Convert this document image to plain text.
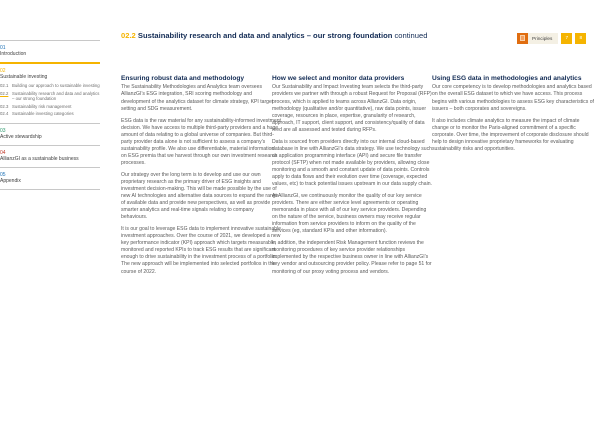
01
Introduction
02
Sustainable investing
02.1 Building our approach to sustainable investing
02.2 Sustainability research and data and analytics – our strong foundation
02.3 Sustainability risk management
02.4 Sustainable investing categories
03
Active stewardship
04
AllianzGI as a sustainable business
05
Appendix
02.2 Sustainability research and data and analytics – our strong foundation continued	Principles	7	8
Ensuring robust data and methodology

The Sustainability Methodologies and Analytics team oversees AllianzGI’s ESG integration, SRI scoring methodology and development of the analytics dataset for climate strategy, KPI target setting and SDG measurement.

ESG data is the raw material for any sustainability-informed investment decision. We have access to multiple third-party providers and a huge amount of data relating to a global universe of companies. But third-party provider data alone is not sufficient to assess a company’s sustainability profile. We also use differentiable, material information on ESG premia that we harvest through our own investment research processes.

Our strategy over the long term is to develop and use our own proprietary research as the primary driver of ESG insights and investment decision-making. This will be made possible by the use of new AI technologies and alternative data sources to expand the range of available data and provide new perspectives, as well as provide smarter analytics and real-time signals relating to company behaviours.

It is our goal to leverage ESG data to implement innovative sustainable investment approaches. Over the course of 2021, we developed a new key performance indicator (KPI) approach which targets measurable, monitored and reported KPIs to track ESG results that are significant enough to drive sustainability in the investment process of a portfolio. The new approach will be implemented into selected portfolios in the course of 2022.

How we select and monitor data providers

Our Sustainability and Impact Investing team selects the third-party providers we partner with through a robust Request for Proposal (RFP) process, which is applied to teams across AllianzGI. Data origin, methodology (qualitative and/or quantitative), raw data points, issuer coverage, resources in place, expertise, granularity of research, approach, IT support, client support, and consistency/quality of data feed are all assessed and tested during RFPs.

Data is sourced from providers directly into our internal cloud-based database in line with AllianzGI’s data strategy. We use technology such as application programming interface (API) and secure file transfer protocol (SFTP) when not made available by providers, allowing close monitoring and a smooth and constant update of data points. Controls apply to data flows and their evolution over time (coverage, expected values, etc) to track potential issues upstream in our data supply chain.

At AllianzGI, we continuously monitor the quality of our key service providers. There are either service level agreements or operating memoranda in place with all of our key service providers. Depending on the nature of the service, business owners may receive regular information from service providers to inform on the quality of the services (eg, standard KPIs and other information).

In addition, the independent Risk Management function reviews the monitoring procedures of key service provider relationships implemented by the respective business owner in line with AllianzGI’s key vendor and outsourcing provider policy. Please refer to page 51 for monitoring of our proxy voting process and vendors.

Using ESG data in methodologies and analytics

Our core competency is to develop methodologies and analytics based on the overall ESG dataset to which we have access. This process begins with various methodologies to assess ESG key characteristics of issuers – both corporates and sovereigns.

It also includes climate analytics to measure the impact of climate change or to monitor the Paris-aligned commitment of a specific corporate. Over time, the improvement of corporate disclosure should help to design innovative proprietary frameworks for evaluating sustainability risks and opportunities.
